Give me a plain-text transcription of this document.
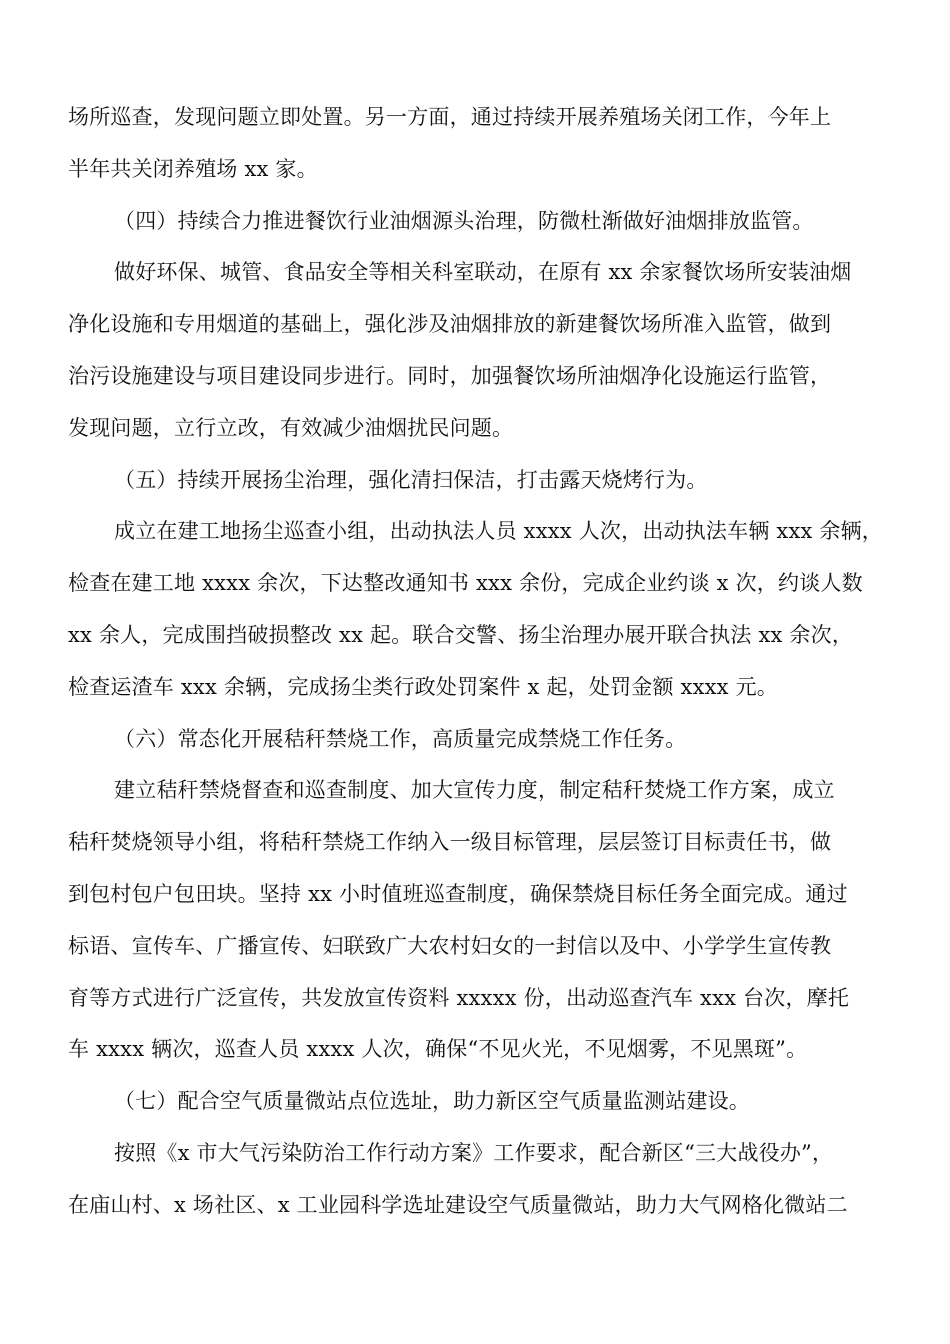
场所巡查，发现问题立即处置。另一方面，通过持续开展养殖场关闭工作，今年上
半年共关闭养殖场 xx 家。
（四）持续合力推进餐饮行业油烟源头治理，防微杜渐做好油烟排放监管。
做好环保、城管、食品安全等相关科室联动，在原有 xx 余家餐饮场所安装油烟
净化设施和专用烟道的基础上，强化涉及油烟排放的新建餐饮场所准入监管，做到
治污设施建设与项目建设同步进行。同时，加强餐饮场所油烟净化设施运行监管，
发现问题，立行立改，有效减少油烟扰民问题。
（五）持续开展扬尘治理，强化清扫保洁，打击露天烧烤行为。
成立在建工地扬尘巡查小组，出动执法人员 xxxx 人次，出动执法车辆 xxx 余辆，
检查在建工地 xxxx 余次，下达整改通知书 xxx 余份，完成企业约谈 x 次，约谈人数
xx 余人，完成围挡破损整改 xx 起。联合交警、扬尘治理办展开联合执法 xx 余次，
检查运渣车 xxx 余辆，完成扬尘类行政处罚案件 x 起，处罚金额 xxxx 元。
（六）常态化开展秸秆禁烧工作，高质量完成禁烧工作任务。
建立秸秆禁烧督查和巡查制度、加大宣传力度，制定秸秆焚烧工作方案，成立
秸秆焚烧领导小组，将秸秆禁烧工作纳入一级目标管理，层层签订目标责任书，做
到包村包户包田块。坚持 xx 小时值班巡查制度，确保禁烧目标任务全面完成。通过
标语、宣传车、广播宣传、妇联致广大农村妇女的一封信以及中、小学学生宣传教
育等方式进行广泛宣传，共发放宣传资料 xxxxx 份，出动巡查汽车 xxx 台次，摩托
车 xxxx 辆次，巡查人员 xxxx 人次，确保“不见火光，不见烟雾，不见黑斑”。
（七）配合空气质量微站点位选址，助力新区空气质量监测站建设。
按照《x 市大气污染防治工作行动方案》工作要求，配合新区“三大战役办”，
在庙山村、x 场社区、x 工业园科学选址建设空气质量微站，助力大气网格化微站二
